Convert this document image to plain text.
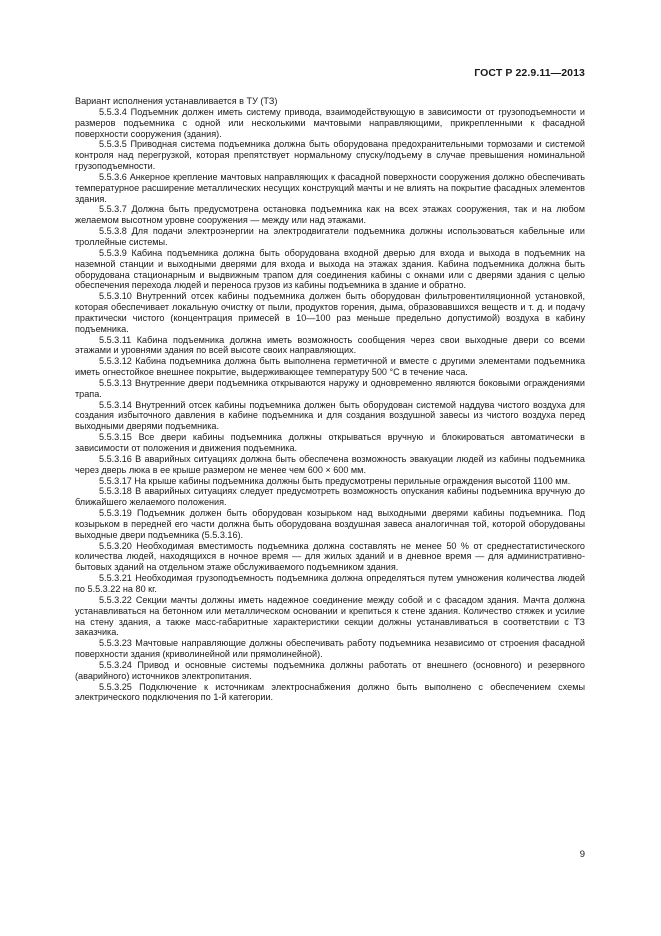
ГОСТ Р 22.9.11—2013

Вариант исполнения устанавливается в ТУ (ТЗ)

5.5.3.4 Подъемник должен иметь систему привода, взаимодействующую в зависимости от грузоподъемности и размеров подъемника с одной или несколькими мачтовыми направляющими, прикрепленными к фасадной поверхности сооружения (здания).

5.5.3.5 Приводная система подъемника должна быть оборудована предохранительными тормозами и системой контроля над перегрузкой, которая препятствует нормальному спуску/подъему в случае превышения номинальной грузоподъемности.

5.5.3.6 Анкерное крепление мачтовых направляющих к фасадной поверхности сооружения должно обеспечивать температурное расширение металлических несущих конструкций мачты и не влиять на покрытие фасадных элементов здания.

5.5.3.7 Должна быть предусмотрена остановка подъемника как на всех этажах сооружения, так и на любом желаемом высотном уровне сооружения — между или над этажами.

5.5.3.8 Для подачи электроэнергии на электродвигатели подъемника должны использоваться кабельные или троллейные системы.

5.5.3.9 Кабина подъемника должна быть оборудована входной дверью для входа и выхода в подъемник на наземной станции и выходными дверями для входа и выхода на этажах здания. Кабина подъемника должна быть оборудована стационарным и выдвижным трапом для соединения кабины с окнами или с дверями здания с целью обеспечения перехода людей и переноса грузов из кабины подъемника в здание и обратно.

5.5.3.10 Внутренний отсек кабины подъемника должен быть оборудован фильтровентиляционной установкой, которая обеспечивает локальную очистку от пыли, продуктов горения, дыма, образовавшихся веществ и т. д. и подачу практически чистого (концентрация примесей в 10—100 раз меньше предельно допустимой) воздуха в кабину подъемника.

5.5.3.11 Кабина подъемника должна иметь возможность сообщения через свои выходные двери со всеми этажами и уровнями здания по всей высоте своих направляющих.

5.5.3.12 Кабина подъемника должна быть выполнена герметичной и вместе с другими элементами подъемника иметь огнестойкое внешнее покрытие, выдерживающее температуру 500 °С в течение часа.

5.5.3.13 Внутренние двери подъемника открываются наружу и одновременно являются боковыми ограждениями трапа.

5.5.3.14 Внутренний отсек кабины подъемника должен быть оборудован системой наддува чистого воздуха для создания избыточного давления в кабине подъемника и для создания воздушной завесы из чистого воздуха перед выходными дверями подъемника.

5.5.3.15 Все двери кабины подъемника должны открываться вручную и блокироваться автоматически в зависимости от положения и движения подъемника.

5.5.3.16 В аварийных ситуациях должна быть обеспечена возможность эвакуации людей из кабины подъемника через дверь люка в ее крыше размером не менее чем 600 × 600 мм.

5.5.3.17 На крыше кабины подъемника должны быть предусмотрены перильные ограждения высотой 1100 мм.

5.5.3.18 В аварийных ситуациях следует предусмотреть возможность опускания кабины подъемника вручную до ближайшего желаемого положения.

5.5.3.19 Подъемник должен быть оборудован козырьком над выходными дверями кабины подъемника. Под козырьком в передней его части должна быть оборудована воздушная завеса аналогичная той, которой оборудованы выходные двери подъемника (5.5.3.16).

5.5.3.20 Необходимая вместимость подъемника должна составлять не менее 50 % от среднестатистического количества людей, находящихся в ночное время — для жилых зданий и в дневное время — для административно-бытовых зданий на отдельном этаже обслуживаемого подъемником здания.

5.5.3.21 Необходимая грузоподъемность подъемника должна определяться путем умножения количества людей по 5.5.3.22 на 80 кг.

5.5.3.22 Секции мачты должны иметь надежное соединение между собой и с фасадом здания. Мачта должна устанавливаться на бетонном или металлическом основании и крепиться к стене здания. Количество стяжек и усилие на стену здания, а также масс-габаритные характеристики секции должны устанавливаться в соответствии с ТЗ заказчика.

5.5.3.23 Мачтовые направляющие должны обеспечивать работу подъемника независимо от строения фасадной поверхности здания (криволинейной или прямолинейной).

5.5.3.24 Привод и основные системы подъемника должны работать от внешнего (основного) и резервного (аварийного) источников электропитания.

5.5.3.25 Подключение к источникам электроснабжения должно быть выполнено с обеспечением схемы электрического подключения по 1-й категории.

9
